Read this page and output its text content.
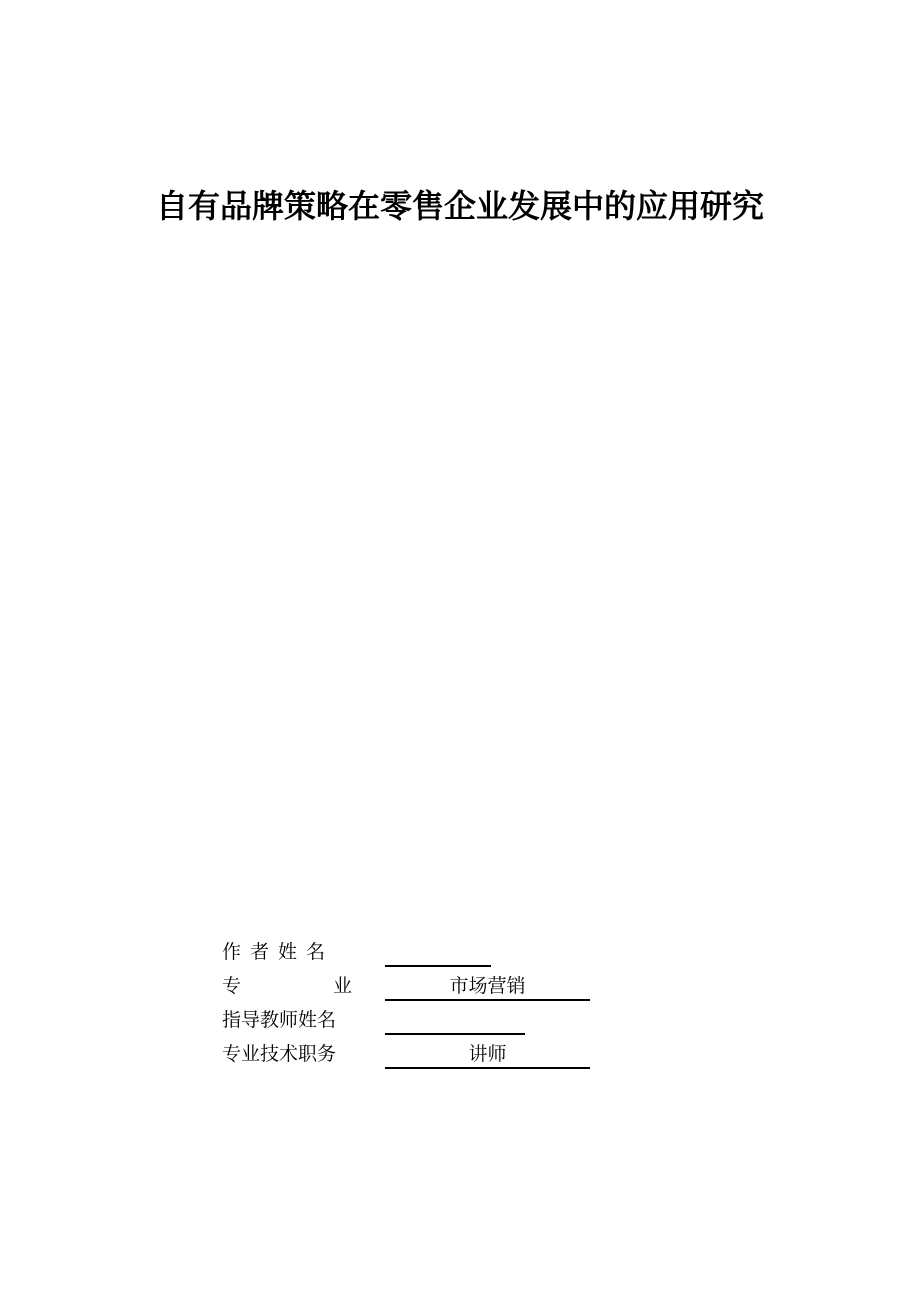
自有品牌策略在零售企业发展中的应用研究
作者姓名
专	业	市场营销
指导教师姓名
专业技术职务	讲师
